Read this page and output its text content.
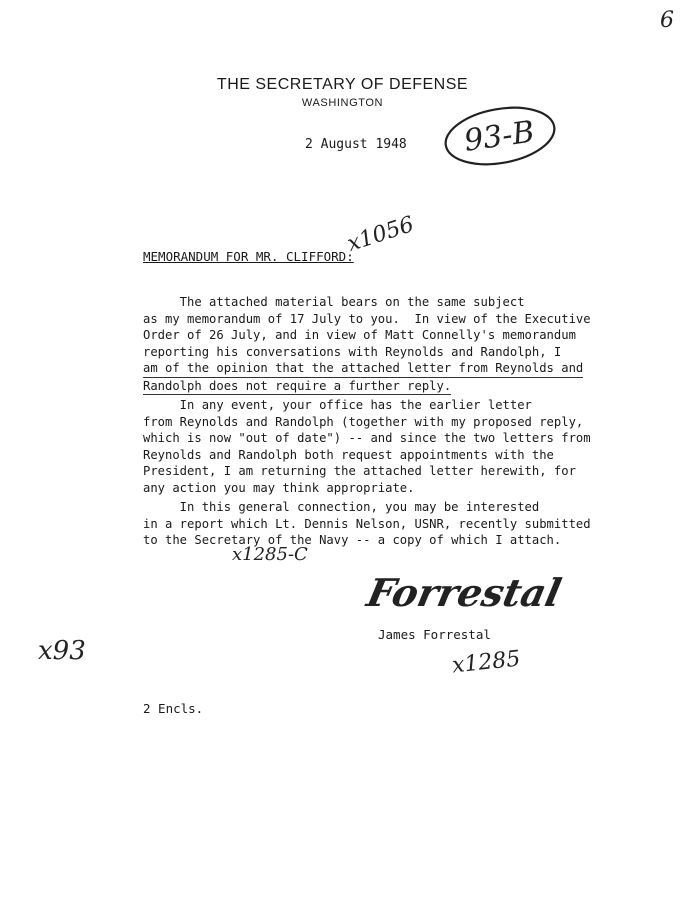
6
THE SECRETARY OF DEFENSE
WASHINGTON
93-B
2 August 1948
MEMORANDUM FOR MR. CLIFFORD:
x1056
The attached material bears on the same subject
as my memorandum of 17 July to you.  In view of the Executive
Order of 26 July, and in view of Matt Connelly's memorandum
reporting his conversations with Reynolds and Randolph, I
am of the opinion that the attached letter from Reynolds and
Randolph does not require a further reply.
In any event, your office has the earlier letter
from Reynolds and Randolph (together with my proposed reply,
which is now "out of date") -- and since the two letters from
Reynolds and Randolph both request appointments with the
President, I am returning the attached letter herewith, for
any action you may think appropriate.
In this general connection, you may be interested
in a report which Lt. Dennis Nelson, USNR, recently submitted
to the Secretary of the Navy -- a copy of which I attach.
x1285-C
Forrestal
James Forrestal
x93	x1285
2 Encls.
